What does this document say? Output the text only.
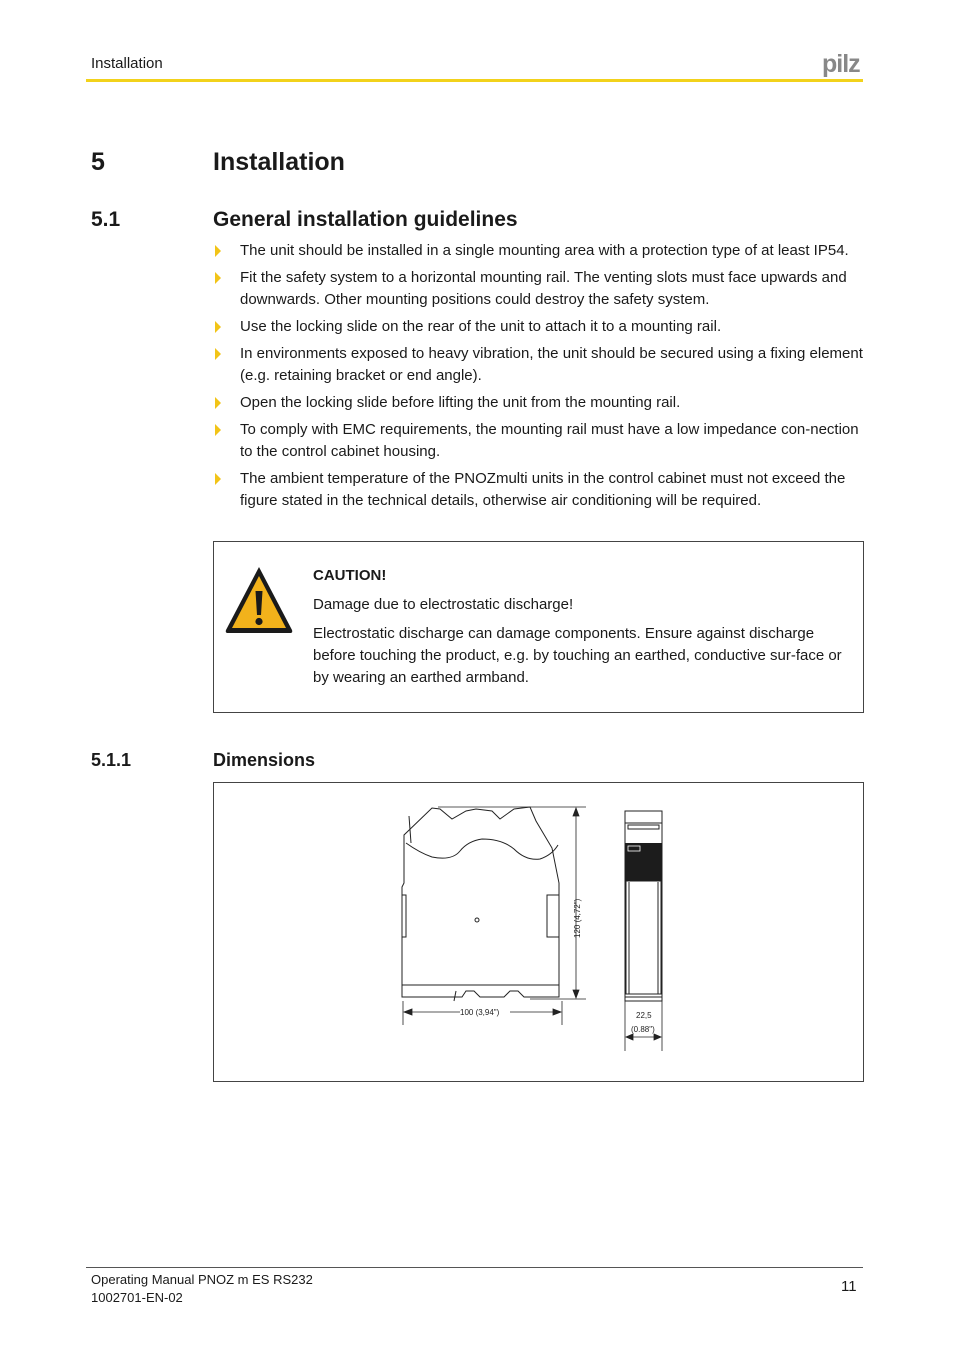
Installation	pilz
5	Installation
5.1	General installation guidelines
The unit should be installed in a single mounting area with a protection type of at least IP54.
Fit the safety system to a horizontal mounting rail. The venting slots must face upwards and downwards. Other mounting positions could destroy the safety system.
Use the locking slide on the rear of the unit to attach it to a mounting rail.
In environments exposed to heavy vibration, the unit should be secured using a fixing element (e.g. retaining bracket or end angle).
Open the locking slide before lifting the unit from the mounting rail.
To comply with EMC requirements, the mounting rail must have a low impedance con-nection to the control cabinet housing.
The ambient temperature of the PNOZmulti units in the control cabinet must not exceed the figure stated in the technical details, otherwise air conditioning will be required.
CAUTION!
Damage due to electrostatic discharge!
Electrostatic discharge can damage components. Ensure against discharge before touching the product, e.g. by touching an earthed, conductive sur-face or by wearing an earthed armband.
5.1.1	Dimensions
120 (4,72")
100 (3,94")	22,5
(0.88")
Operating Manual PNOZ m ES RS232
1002701-EN-02
11
